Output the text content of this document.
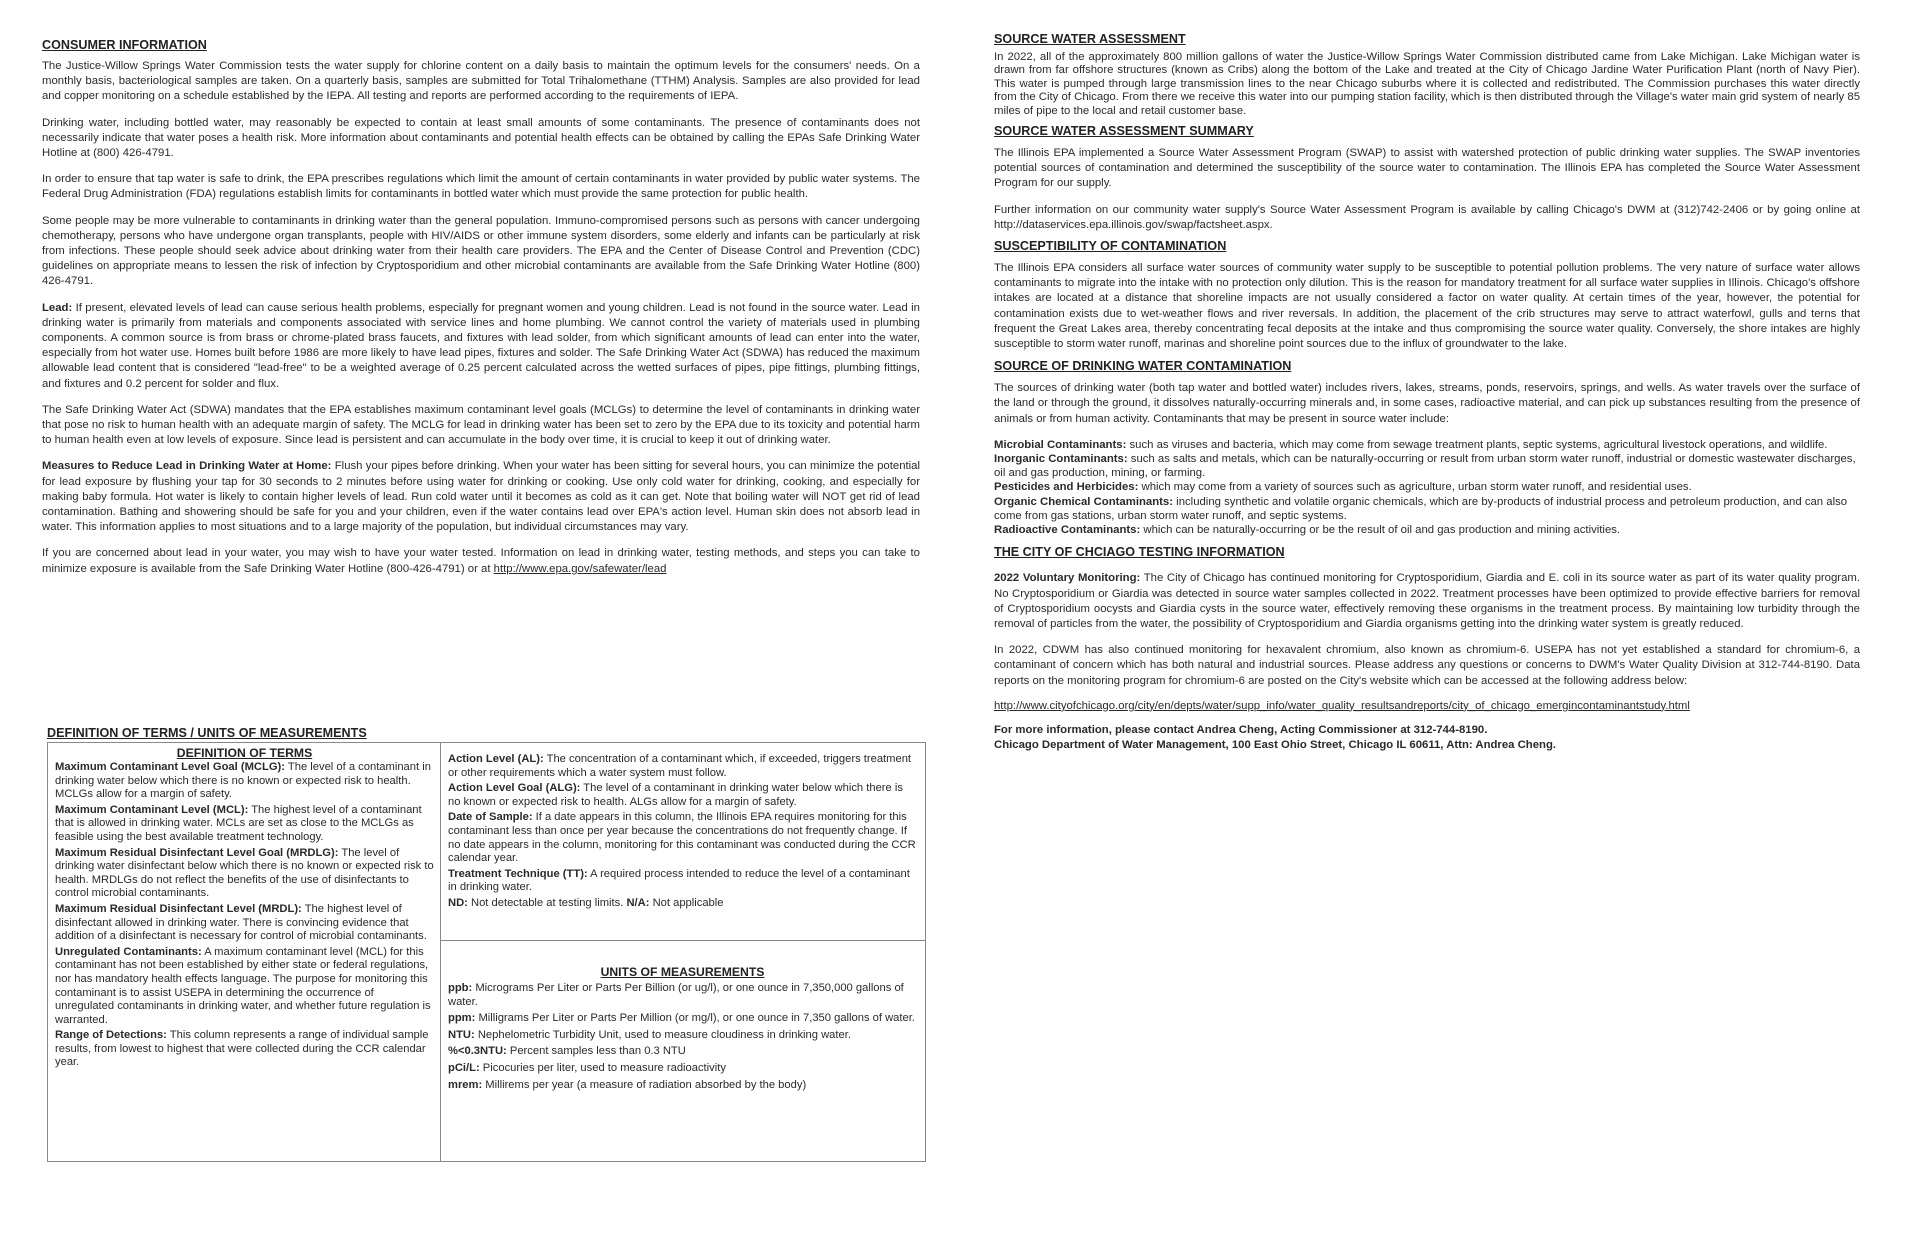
CONSUMER INFORMATION

The Justice-Willow Springs Water Commission tests the water supply for chlorine content on a daily basis to maintain the optimum levels for the consumers' needs. On a monthly basis, bacteriological samples are taken. On a quarterly basis, samples are submitted for Total Trihalomethane (TTHM) Analysis. Samples are also provided for lead and copper monitoring on a schedule established by the IEPA. All testing and reports are performed according to the requirements of IEPA.

Drinking water, including bottled water, may reasonably be expected to contain at least small amounts of some contaminants. The presence of contaminants does not necessarily indicate that water poses a health risk. More information about contaminants and potential health effects can be obtained by calling the EPAs Safe Drinking Water Hotline at (800) 426-4791.

In order to ensure that tap water is safe to drink, the EPA prescribes regulations which limit the amount of certain contaminants in water provided by public water systems. The Federal Drug Administration (FDA) regulations establish limits for contaminants in bottled water which must provide the same protection for public health.

Some people may be more vulnerable to contaminants in drinking water than the general population. Immuno-compromised persons such as persons with cancer undergoing chemotherapy, persons who have undergone organ transplants, people with HIV/AIDS or other immune system disorders, some elderly and infants can be particularly at risk from infections. These people should seek advice about drinking water from their health care providers. The EPA and the Center of Disease Control and Prevention (CDC) guidelines on appropriate means to lessen the risk of infection by Cryptosporidium and other microbial contaminants are available from the Safe Drinking Water Hotline (800) 426-4791.

Lead: If present, elevated levels of lead can cause serious health problems, especially for pregnant women and young children. Lead is not found in the source water. Lead in drinking water is primarily from materials and components associated with service lines and home plumbing. We cannot control the variety of materials used in plumbing components. A common source is from brass or chrome-plated brass faucets, and fixtures with lead solder, from which significant amounts of lead can enter into the water, especially from hot water use. Homes built before 1986 are more likely to have lead pipes, fixtures and solder. The Safe Drinking Water Act (SDWA) has reduced the maximum allowable lead content that is considered "lead-free" to be a weighted average of 0.25 percent calculated across the wetted surfaces of pipes, pipe fittings, plumbing fittings, and fixtures and 0.2 percent for solder and flux.

The Safe Drinking Water Act (SDWA) mandates that the EPA establishes maximum contaminant level goals (MCLGs) to determine the level of contaminants in drinking water that pose no risk to human health with an adequate margin of safety. The MCLG for lead in drinking water has been set to zero by the EPA due to its toxicity and potential harm to human health even at low levels of exposure. Since lead is persistent and can accumulate in the body over time, it is crucial to keep it out of drinking water.

Measures to Reduce Lead in Drinking Water at Home: Flush your pipes before drinking. When your water has been sitting for several hours, you can minimize the potential for lead exposure by flushing your tap for 30 seconds to 2 minutes before using water for drinking or cooking. Use only cold water for drinking, cooking, and especially for making baby formula. Hot water is likely to contain higher levels of lead. Run cold water until it becomes as cold as it can get. Note that boiling water will NOT get rid of lead contamination. Bathing and showering should be safe for you and your children, even if the water contains lead over EPA's action level. Human skin does not absorb lead in water. This information applies to most situations and to a large majority of the population, but individual circumstances may vary.

If you are concerned about lead in your water, you may wish to have your water tested. Information on lead in drinking water, testing methods, and steps you can take to minimize exposure is available from the Safe Drinking Water Hotline (800-426-4791) or at http://www.epa.gov/safewater/lead

DEFINITION OF TERMS / UNITS OF MEASUREMENTS
DEFINITION OF TERMS
Maximum Contaminant Level Goal (MCLG): The level of a contaminant in drinking water below which there is no known or expected risk to health. MCLGs allow for a margin of safety.
Maximum Contaminant Level (MCL): The highest level of a contaminant that is allowed in drinking water. MCLs are set as close to the MCLGs as feasible using the best available treatment technology.
Maximum Residual Disinfectant Level Goal (MRDLG): The level of drinking water disinfectant below which there is no known or expected risk to health. MRDLGs do not reflect the benefits of the use of disinfectants to control microbial contaminants.
Maximum Residual Disinfectant Level (MRDL): The highest level of disinfectant allowed in drinking water. There is convincing evidence that addition of a disinfectant is necessary for control of microbial contaminants.
Unregulated Contaminants: A maximum contaminant level (MCL) for this contaminant has not been established by either state or federal regulations, nor has mandatory health effects language. The purpose for monitoring this contaminant is to assist USEPA in determining the occurrence of unregulated contaminants in drinking water, and whether future regulation is warranted.
Range of Detections: This column represents a range of individual sample results, from lowest to highest that were collected during the CCR calendar year.
Action Level (AL): The concentration of a contaminant which, if exceeded, triggers treatment or other requirements which a water system must follow.
Action Level Goal (ALG): The level of a contaminant in drinking water below which there is no known or expected risk to health. ALGs allow for a margin of safety.
Date of Sample: If a date appears in this column, the Illinois EPA requires monitoring for this contaminant less than once per year because the concentrations do not frequently change. If no date appears in the column, monitoring for this contaminant was conducted during the CCR calendar year.
Treatment Technique (TT): A required process intended to reduce the level of a contaminant in drinking water.
ND: Not detectable at testing limits. N/A: Not applicable
UNITS OF MEASUREMENTS
ppb: Micrograms Per Liter or Parts Per Billion (or ug/l), or one ounce in 7,350,000 gallons of water.
ppm: Milligrams Per Liter or Parts Per Million (or mg/l), or one ounce in 7,350 gallons of water.
NTU: Nephelometric Turbidity Unit, used to measure cloudiness in drinking water.
%<0.3NTU: Percent samples less than 0.3 NTU
pCi/L: Picocuries per liter, used to measure radioactivity
mrem: Millirems per year (a measure of radiation absorbed by the body)
SOURCE WATER ASSESSMENT

In 2022, all of the approximately 800 million gallons of water the Justice-Willow Springs Water Commission distributed came from Lake Michigan. Lake Michigan water is drawn from far offshore structures (known as Cribs) along the bottom of the Lake and treated at the City of Chicago Jardine Water Purification Plant (north of Navy Pier). This water is pumped through large transmission lines to the near Chicago suburbs where it is collected and redistributed. The Commission purchases this water directly from the City of Chicago. From there we receive this water into our pumping station facility, which is then distributed through the Village's water main grid system of nearly 85 miles of pipe to the local and retail customer base.

SOURCE WATER ASSESSMENT SUMMARY

The Illinois EPA implemented a Source Water Assessment Program (SWAP) to assist with watershed protection of public drinking water supplies. The SWAP inventories potential sources of contamination and determined the susceptibility of the source water to contamination. The Illinois EPA has completed the Source Water Assessment Program for our supply.

Further information on our community water supply's Source Water Assessment Program is available by calling Chicago's DWM at (312)742-2406 or by going online at http://dataservices.epa.illinois.gov/swap/factsheet.aspx.

SUSCEPTIBILITY OF CONTAMINATION

The Illinois EPA considers all surface water sources of community water supply to be susceptible to potential pollution problems. The very nature of surface water allows contaminants to migrate into the intake with no protection only dilution. This is the reason for mandatory treatment for all surface water supplies in Illinois. Chicago's offshore intakes are located at a distance that shoreline impacts are not usually considered a factor on water quality. At certain times of the year, however, the potential for contamination exists due to wet-weather flows and river reversals. In addition, the placement of the crib structures may serve to attract waterfowl, gulls and terns that frequent the Great Lakes area, thereby concentrating fecal deposits at the intake and thus compromising the source water quality. Conversely, the shore intakes are highly susceptible to storm water runoff, marinas and shoreline point sources due to the influx of groundwater to the lake.

SOURCE OF DRINKING WATER CONTAMINATION

The sources of drinking water (both tap water and bottled water) includes rivers, lakes, streams, ponds, reservoirs, springs, and wells. As water travels over the surface of the land or through the ground, it dissolves naturally-occurring minerals and, in some cases, radioactive material, and can pick up substances resulting from the presence of animals or from human activity. Contaminants that may be present in source water include:

Microbial Contaminants: such as viruses and bacteria, which may come from sewage treatment plants, septic systems, agricultural livestock operations, and wildlife.
Inorganic Contaminants: such as salts and metals, which can be naturally-occurring or result from urban storm water runoff, industrial or domestic wastewater discharges, oil and gas production, mining, or farming.
Pesticides and Herbicides: which may come from a variety of sources such as agriculture, urban storm water runoff, and residential uses.
Organic Chemical Contaminants: including synthetic and volatile organic chemicals, which are by-products of industrial process and petroleum production, and can also come from gas stations, urban storm water runoff, and septic systems.
Radioactive Contaminants: which can be naturally-occurring or be the result of oil and gas production and mining activities.
THE CITY OF CHCIAGO TESTING INFORMATION

2022 Voluntary Monitoring: The City of Chicago has continued monitoring for Cryptosporidium, Giardia and E. coli in its source water as part of its water quality program. No Cryptosporidium or Giardia was detected in source water samples collected in 2022. Treatment processes have been optimized to provide effective barriers for removal of Cryptosporidium oocysts and Giardia cysts in the source water, effectively removing these organisms in the treatment process. By maintaining low turbidity through the removal of particles from the water, the possibility of Cryptosporidium and Giardia organisms getting into the drinking water system is greatly reduced.

In 2022, CDWM has also continued monitoring for hexavalent chromium, also known as chromium-6. USEPA has not yet established a standard for chromium-6, a contaminant of concern which has both natural and industrial sources. Please address any questions or concerns to DWM's Water Quality Division at 312-744-8190. Data reports on the monitoring program for chromium-6 are posted on the City's website which can be accessed at the following address below:

http://www.cityofchicago.org/city/en/depts/water/supp_info/water_quality_resultsandreports/city_of_chicago_emergincontaminantstudy.html

For more information, please contact Andrea Cheng, Acting Commissioner at 312-744-8190.

Chicago Department of Water Management, 100 East Ohio Street, Chicago IL 60611, Attn: Andrea Cheng.
